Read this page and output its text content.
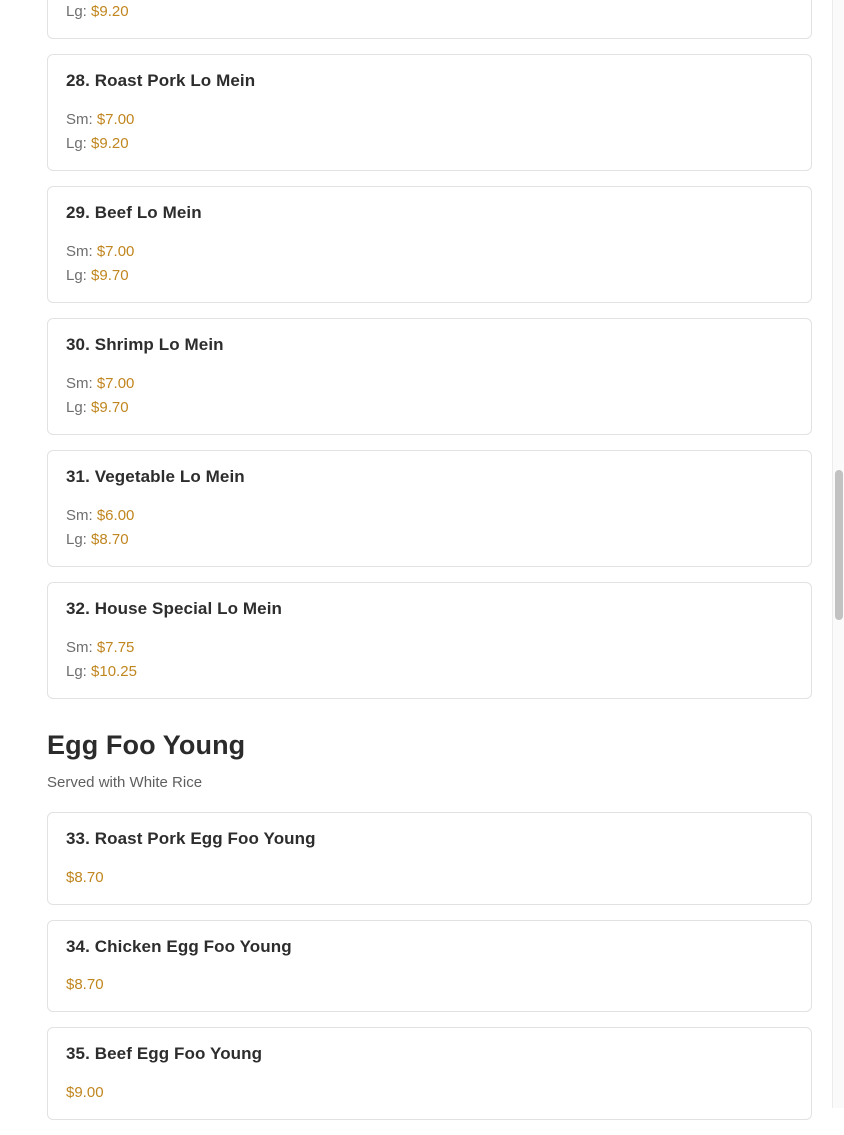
Lg: $9.20

28. Roast Pork Lo Mein

Sm: $7.00

Lg: $9.20

29. Beef Lo Mein

Sm: $7.00

Lg: $9.70

30. Shrimp Lo Mein

Sm: $7.00

Lg: $9.70

31. Vegetable Lo Mein

Sm: $6.00

Lg: $8.70

32. House Special Lo Mein

Sm: $7.75

Lg: $10.25

Egg Foo Young

Served with White Rice

33. Roast Pork Egg Foo Young

$8.70

34. Chicken Egg Foo Young

$8.70

35. Beef Egg Foo Young

$9.00
